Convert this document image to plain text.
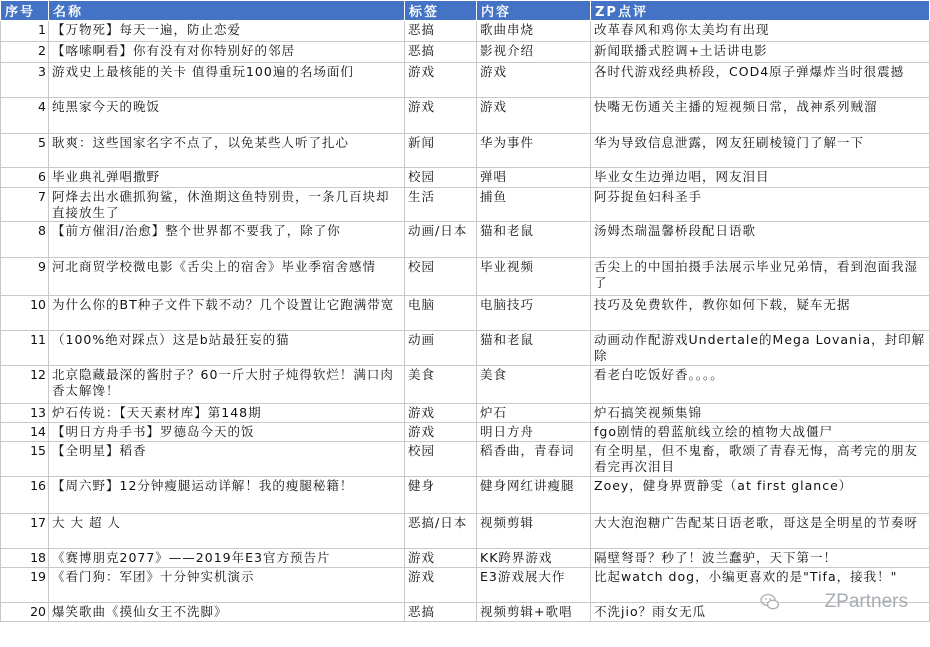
序号	名称	标签	内容	ZP点评
1	【万物死】每天一遍，防止恋爱	恶搞	歌曲串烧	改革春风和鸡你太美均有出现
2	【喀嗦啊看】你有没有对你特别好的邻居	恶搞	影视介绍	新闻联播式腔调+土话讲电影
3	游戏史上最核能的关卡 值得重玩100遍的名场面们	游戏	游戏	各时代游戏经典桥段，COD4原子弹爆炸当时很震撼
4	纯黑家今天的晚饭	游戏	游戏	快嘴无伤通关主播的短视频日常，战神系列贼溜
5	耿爽：这些国家名字不点了，以免某些人听了扎心	新闻	华为事件	华为导致信息泄露，网友狂刷棱镜门了解一下
6	毕业典礼弹唱撒野	校园	弹唱	毕业女生边弹边唱，网友泪目
7	阿烽去出水礁抓狗鲨，休渔期这鱼特别贵，一条几百块却直接放生了	生活	捕鱼	阿芬捉鱼妇科圣手
8	【前方催泪/治愈】整个世界都不要我了，除了你	动画/日本	猫和老鼠	汤姆杰瑞温馨桥段配日语歌
9	河北商贸学校微电影《舌尖上的宿舍》毕业季宿舍感情	校园	毕业视频	舌尖上的中国拍摄手法展示毕业兄弟情，看到泡面我湿了
10	为什么你的BT种子文件下载不动？几个设置让它跑满带宽	电脑	电脑技巧	技巧及免费软件，教你如何下载，疑车无据
11	（100%绝对踩点）这是b站最狂妄的猫	动画	猫和老鼠	动画动作配游戏Undertale的Mega Lovania，封印解除
12	北京隐藏最深的酱肘子？60一斤大肘子炖得软烂！满口肉香太解馋！	美食	美食	看老白吃饭好香。。。。
13	炉石传说：【天天素材库】第148期	游戏	炉石	炉石搞笑视频集锦
14	【明日方舟手书】罗德岛今天的饭	游戏	明日方舟	fgo剧情的碧蓝航线立绘的植物大战僵尸
15	【全明星】稻香	校园	稻香曲，青春词	有全明星，但不鬼畜，歌颂了青春无悔，高考完的朋友看完再次泪目
16	【周六野】12分钟瘦腿运动详解！我的瘦腿秘籍！	健身	健身网红讲瘦腿	Zoey，健身界贾静雯（at first glance）
17	大 大 超 人	恶搞/日本	视频剪辑	大大泡泡糖广告配某日语老歌，哥这是全明星的节奏呀
18	《赛博朋克2077》——2019年E3官方预告片	游戏	KK跨界游戏	隔壁弩哥？秒了！波兰蠢驴，天下第一！
19	《看门狗：军团》十分钟实机演示	游戏	E3游戏展大作	比起watch dog，小编更喜欢的是"Tifa，接我！"
20	爆笑歌曲《摸仙女王不洗脚》	恶搞	视频剪辑+歌唱	不洗jio？雨女无瓜	ZPartners
